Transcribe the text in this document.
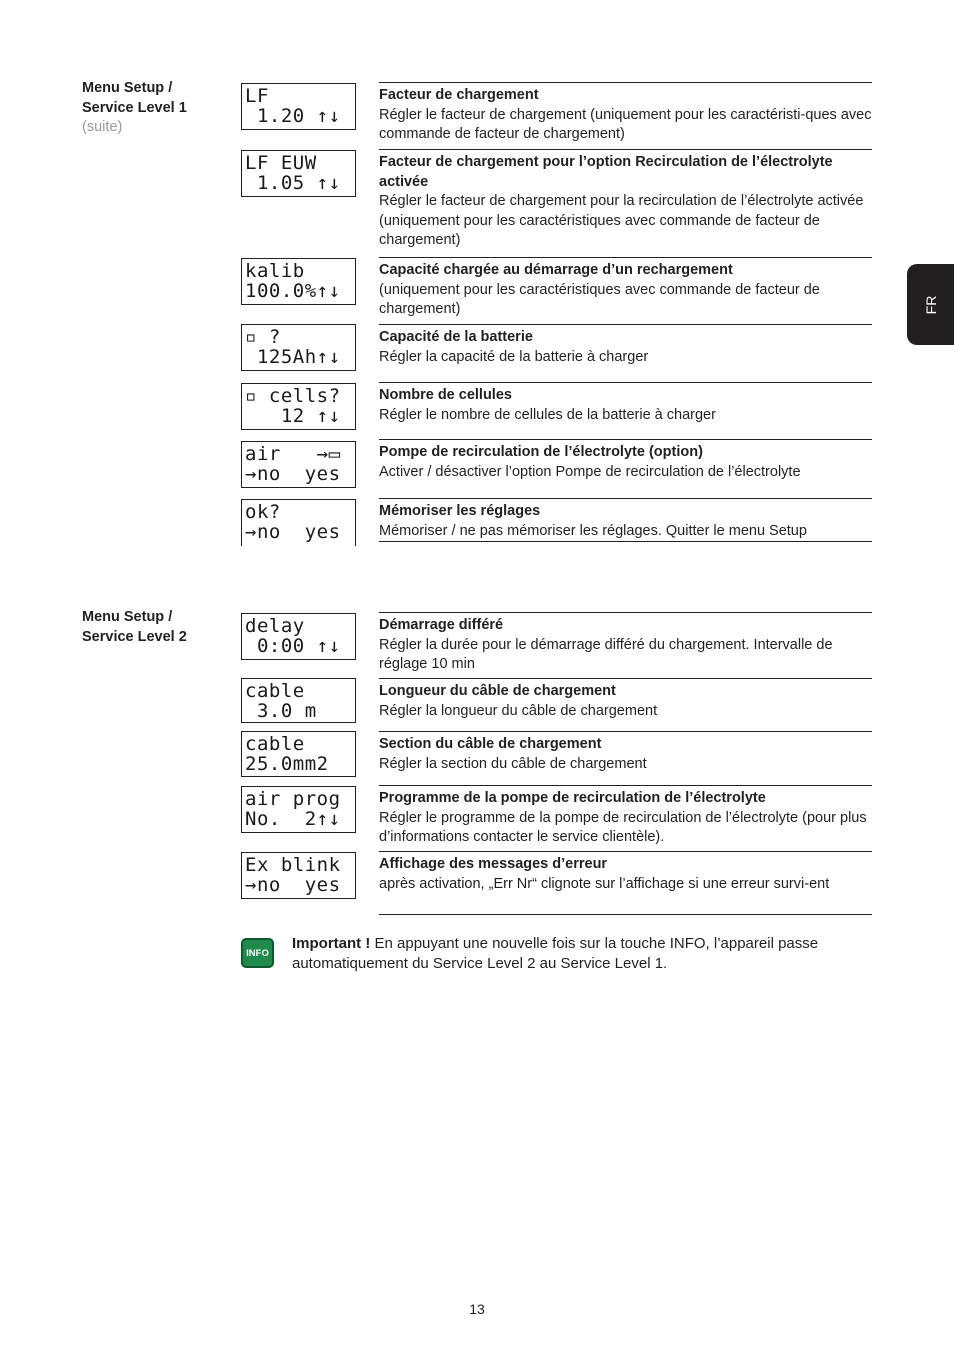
FR
Menu Setup /
Service Level 1
(suite)
LF
1.20 ↑↓
Facteur de chargement
Régler le facteur de chargement (uniquement pour les caractéristi-ques avec commande de facteur de chargement)
LF EUW
1.05 ↑↓
Facteur de chargement pour l’option Recirculation de l’électrolyte activée
Régler le facteur de chargement pour la recirculation de l’électrolyte activée (uniquement pour les caractéristiques avec commande de facteur de chargement)
kalib
100.0%↑↓
Capacité chargée au démarrage d’un rechargement
(uniquement pour les caractéristiques avec commande de facteur de chargement)
▫ ?
125Ah↑↓
Capacité de la batterie
Régler la capacité de la batterie à charger
▫ cells?
12 ↑↓
Nombre de cellules
Régler le nombre de cellules de la batterie à charger
air   →▭
→no  yes
Pompe de recirculation de l’électrolyte (option)
Activer / désactiver l’option Pompe de recirculation de l’électrolyte
ok?
→no  yes
Mémoriser les réglages
Mémoriser / ne pas mémoriser les réglages. Quitter le menu Setup
Menu Setup /
Service Level 2	delay
0:00 ↑↓
Démarrage différé
Régler la durée pour le démarrage différé du chargement. Intervalle de réglage 10 min
cable
3.0 m
Longueur du câble de chargement
Régler la longueur du câble de chargement
cable
25.0mm2
Section du câble de chargement
Régler la section du câble de chargement
air prog
No.  2↑↓
Programme de la pompe de recirculation de l’électrolyte
Régler le programme de la pompe de recirculation de l’électrolyte (pour plus d’informations contacter le service clientèle).
Ex blink
→no  yes
Affichage des messages d’erreur
après activation, „Err Nr“ clignote sur l’affichage si une erreur survi-ent
INFO
Important ! En appuyant une nouvelle fois sur la touche INFO, l’appareil passe automatiquement du Service Level 2 au Service Level 1.
13
